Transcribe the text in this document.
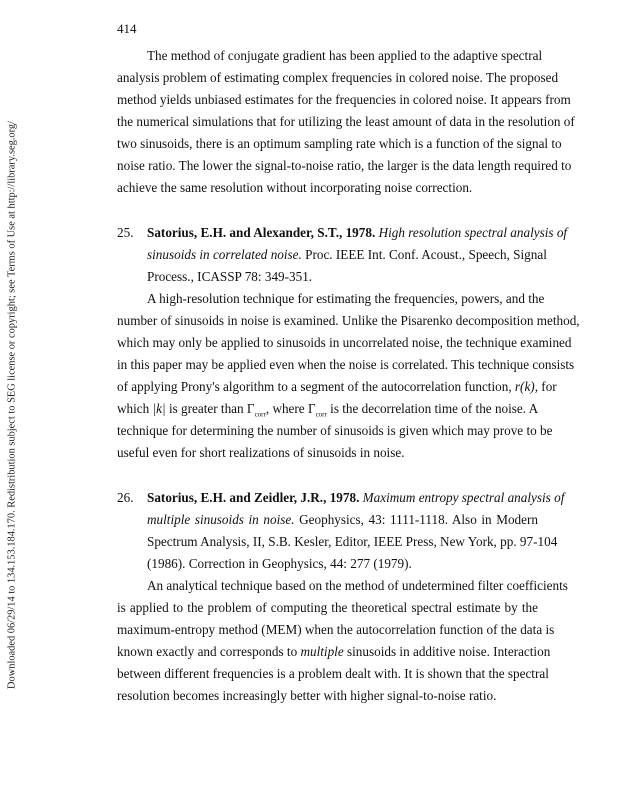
Downloaded 06/29/14 to 134.153.184.170. Redistribution subject to SEG license or copyright; see Terms of Use at http://library.seg.org/
414
The method of conjugate gradient has been applied to the adaptive spectral
analysis problem of estimating complex frequencies in colored noise. The proposed
method yields unbiased estimates for the frequencies in colored noise. It appears from
the numerical simulations that for utilizing the least amount of data in the resolution of
two sinusoids, there is an optimum sampling rate which is a function of the signal to
noise ratio. The lower the signal-to-noise ratio, the larger is the data length required to
achieve the same resolution without incorporating noise correction.
25. Satorius, E.H. and Alexander, S.T., 1978. High resolution spectral analysis of
sinusoids in correlated noise. Proc. IEEE Int. Conf. Acoust., Speech, Signal
Process., ICASSP 78: 349-351.
A high-resolution technique for estimating the frequencies, powers, and the
number of sinusoids in noise is examined. Unlike the Pisarenko decomposition method,
which may only be applied to sinusoids in uncorrelated noise, the technique examined
in this paper may be applied even when the noise is correlated. This technique consists
of applying Prony's algorithm to a segment of the autocorrelation function, r(k), for
which |k| is greater than $\Gamma_{corr}$, where $\Gamma_{corr}$ is the decorrelation time of the noise. A
technique for determining the number of sinusoids is given which may prove to be
useful even for short realizations of sinusoids in noise.
26. Satorius, E.H. and Zeidler, J.R., 1978. Maximum entropy spectral analysis of
multiple sinusoids in noise. Geophysics, 43: 1111-1118. Also in Modern
Spectrum Analysis, II, S.B. Kesler, Editor, IEEE Press, New York, pp. 97-104
(1986). Correction in Geophysics, 44: 277 (1979).
An analytical technique based on the method of undetermined filter coefficients
is applied to the problem of computing the theoretical spectral estimate by the
maximum-entropy method (MEM) when the autocorrelation function of the data is
known exactly and corresponds to multiple sinusoids in additive noise. Interaction
between different frequencies is a problem dealt with. It is shown that the spectral
resolution becomes increasingly better with higher signal-to-noise ratio.
